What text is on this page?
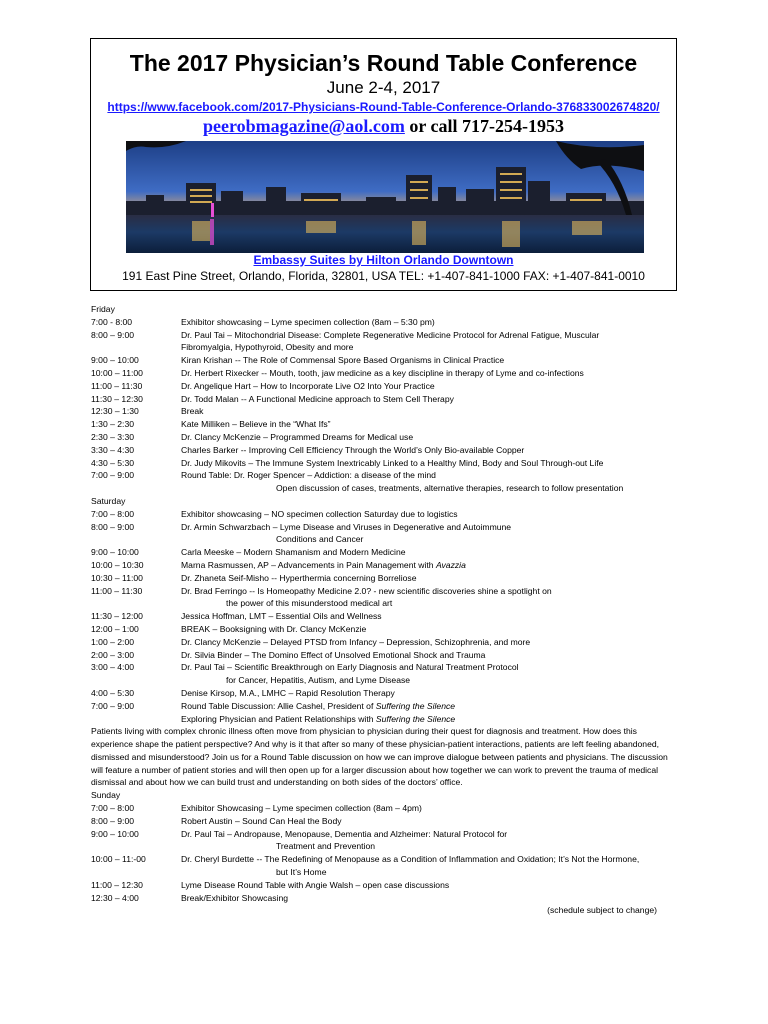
The 2017 Physician’s Round Table Conference
June 2-4, 2017
https://www.facebook.com/2017-Physicians-Round-Table-Conference-Orlando-376833002674820/
peerobmagazine@aol.com or call 717-254-1953
Embassy Suites by Hilton Orlando Downtown
191 East Pine Street, Orlando, Florida, 32801, USA TEL: +1-407-841-1000 FAX: +1-407-841-0010
Friday
7:00 - 8:00	Exhibitor showcasing – Lyme specimen collection (8am – 5:30 pm)
8:00 – 9:00	Dr. Paul Tai – Mitochondrial Disease: Complete Regenerative Medicine Protocol for Adrenal Fatigue, Muscular
Fibromyalgia, Hypothyroid, Obesity and more
9:00 – 10:00	Kiran Krishan -- The Role of Commensal Spore Based Organisms in Clinical Practice
10:00 – 11:00	Dr. Herbert Rixecker -- Mouth, tooth, jaw medicine as a key discipline in therapy of Lyme and co-infections
11:00 – 11:30	Dr. Angelique Hart – How to Incorporate Live O2 Into Your Practice
11:30 – 12:30	Dr. Todd Malan -- A Functional Medicine approach to Stem Cell Therapy
12:30 – 1:30	Break
1:30 – 2:30	Kate Milliken – Believe in the “What Ifs”
2:30 – 3:30	Dr. Clancy McKenzie – Programmed Dreams for Medical use
3:30 – 4:30	Charles Barker -- Improving Cell Efficiency Through the World’s Only Bio-available Copper
4:30 – 5:30	Dr. Judy Mikovits – The Immune System Inextricably Linked to a Healthy Mind, Body and Soul Through-out Life
7:00 – 9:00	Round Table: Dr. Roger Spencer – Addiction: a disease of the mind
Open discussion of cases, treatments, alternative therapies, research to follow presentation
Saturday
7:00 – 8:00	Exhibitor showcasing – NO specimen collection Saturday due to logistics
8:00 – 9:00	Dr. Armin Schwarzbach – Lyme Disease and Viruses in Degenerative and Autoimmune
Conditions and Cancer
9:00 – 10:00	Carla Meeske – Modern Shamanism and Modern Medicine
10:00 – 10:30	Marna Rasmussen, AP – Advancements in Pain Management with Avazzia
10:30 – 11:00	Dr. Zhaneta Seif-Misho -- Hyperthermia concerning Borreliose
11:00 – 11:30	Dr. Brad Ferringo -- Is Homeopathy Medicine 2.0? - new scientific discoveries shine a spotlight on
the power of this misunderstood medical art
11:30 – 12:00	Jessica Hoffman, LMT – Essential Oils and Wellness
12:00 – 1:00	BREAK – Booksigning with Dr. Clancy McKenzie
1:00 – 2:00	Dr. Clancy McKenzie – Delayed PTSD from Infancy – Depression, Schizophrenia, and more
2:00 – 3:00	Dr. Silvia Binder – The Domino Effect of Unsolved Emotional Shock and Trauma
3:00 – 4:00	Dr. Paul Tai – Scientific Breakthrough on Early Diagnosis and Natural Treatment Protocol
for Cancer, Hepatitis, Autism, and Lyme Disease
4:00 – 5:30	Denise Kirsop, M.A., LMHC – Rapid Resolution Therapy
7:00 – 9:00	Round Table Discussion: Allie Cashel, President of Suffering the Silence
Exploring Physician and Patient Relationships with Suffering the Silence
Patients living with complex chronic illness often move from physician to physician during their quest for diagnosis and treatment. How does this experience shape the patient perspective? And why is it that after so many of these physician-patient interactions, patients are left feeling abandoned, dismissed and misunderstood? Join us for a Round Table discussion on how we can improve dialogue between patients and physicians. The discussion will feature a number of patient stories and will then open up for a larger discussion about how together we can work to prevent the trauma of medical dismissal and about how we can build trust and understanding on both sides of the doctors’ office.
Sunday
7:00 – 8:00	Exhibitor Showcasing – Lyme specimen collection (8am – 4pm)
8:00 – 9:00	Robert Austin – Sound Can Heal the Body
9:00 – 10:00	Dr. Paul Tai – Andropause, Menopause, Dementia and Alzheimer: Natural Protocol for
Treatment and Prevention
10:00 – 11:-00	Dr. Cheryl Burdette -- The Redefining of Menopause as a Condition of Inflammation and Oxidation; It’s Not the Hormone,
but It’s Home
11:00 – 12:30	Lyme Disease Round Table with Angie Walsh – open case discussions
12:30 – 4:00	Break/Exhibitor Showcasing
(schedule subject to change)
